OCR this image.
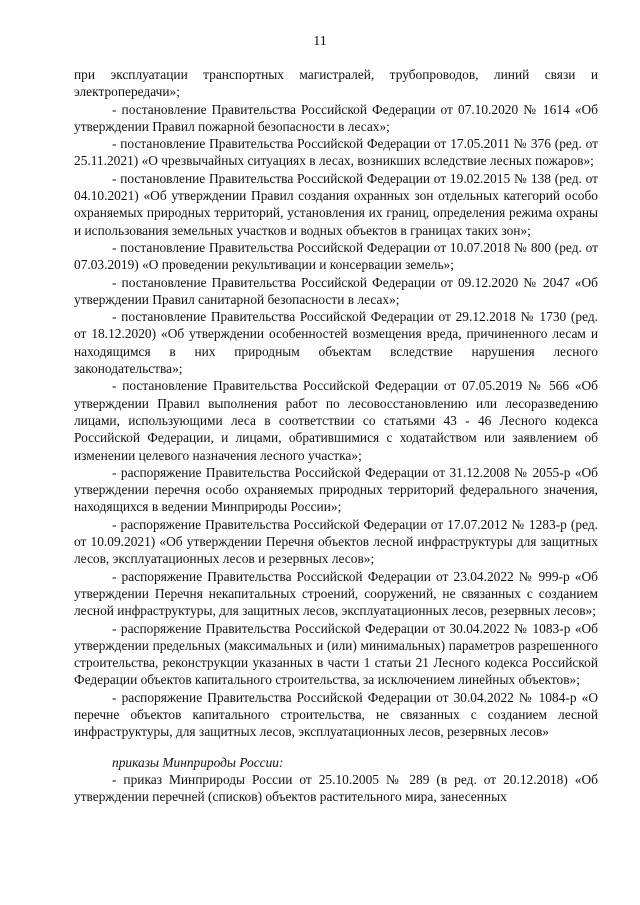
11

при эксплуатации транспортных магистралей, трубопроводов, линий связи и электропередачи»;

- постановление Правительства Российской Федерации от 07.10.2020 № 1614 «Об утверждении Правил пожарной безопасности в лесах»;

- постановление Правительства Российской Федерации от 17.05.2011 № 376 (ред. от 25.11.2021) «О чрезвычайных ситуациях в лесах, возникших вследствие лесных пожаров»;

- постановление Правительства Российской Федерации от 19.02.2015 № 138 (ред. от 04.10.2021) «Об утверждении Правил создания охранных зон отдельных категорий особо охраняемых природных территорий, установления их границ, определения режима охраны и использования земельных участков и водных объектов в границах таких зон»;

- постановление Правительства Российской Федерации от 10.07.2018 № 800 (ред. от 07.03.2019) «О проведении рекультивации и консервации земель»;

- постановление Правительства Российской Федерации от 09.12.2020 № 2047 «Об утверждении Правил санитарной безопасности в лесах»;

- постановление Правительства Российской Федерации от 29.12.2018 № 1730 (ред. от 18.12.2020) «Об утверждении особенностей возмещения вреда, причиненного лесам и находящимся в них природным объектам вследствие нарушения лесного законодательства»;

- постановление Правительства Российской Федерации от 07.05.2019 № 566 «Об утверждении Правил выполнения работ по лесовосстановлению или лесоразведению лицами, использующими леса в соответствии со статьями 43 - 46 Лесного кодекса Российской Федерации, и лицами, обратившимися с ходатайством или заявлением об изменении целевого назначения лесного участка»;

- распоряжение Правительства Российской Федерации от 31.12.2008 № 2055-р «Об утверждении перечня особо охраняемых природных территорий федерального значения, находящихся в ведении Минприроды России»;

- распоряжение Правительства Российской Федерации от 17.07.2012 № 1283-р (ред. от 10.09.2021) «Об утверждении Перечня объектов лесной инфраструктуры для защитных лесов, эксплуатационных лесов и резервных лесов»;

- распоряжение Правительства Российской Федерации от 23.04.2022 № 999-р «Об утверждении Перечня некапитальных строений, сооружений, не связанных с созданием лесной инфраструктуры, для защитных лесов, эксплуатационных лесов, резервных лесов»;

- распоряжение Правительства Российской Федерации от 30.04.2022 № 1083-р «Об утверждении предельных (максимальных и (или) минимальных) параметров разрешенного строительства, реконструкции указанных в части 1 статьи 21 Лесного кодекса Российской Федерации объектов капитального строительства, за исключением линейных объектов»;

- распоряжение Правительства Российской Федерации от 30.04.2022 № 1084-р «О перечне объектов капитального строительства, не связанных с созданием лесной инфраструктуры, для защитных лесов, эксплуатационных лесов, резервных лесов»

приказы Минприроды России:

- приказ Минприроды России от 25.10.2005 № 289 (в ред. от 20.12.2018) «Об утверждении перечней (списков) объектов растительного мира, занесенных
